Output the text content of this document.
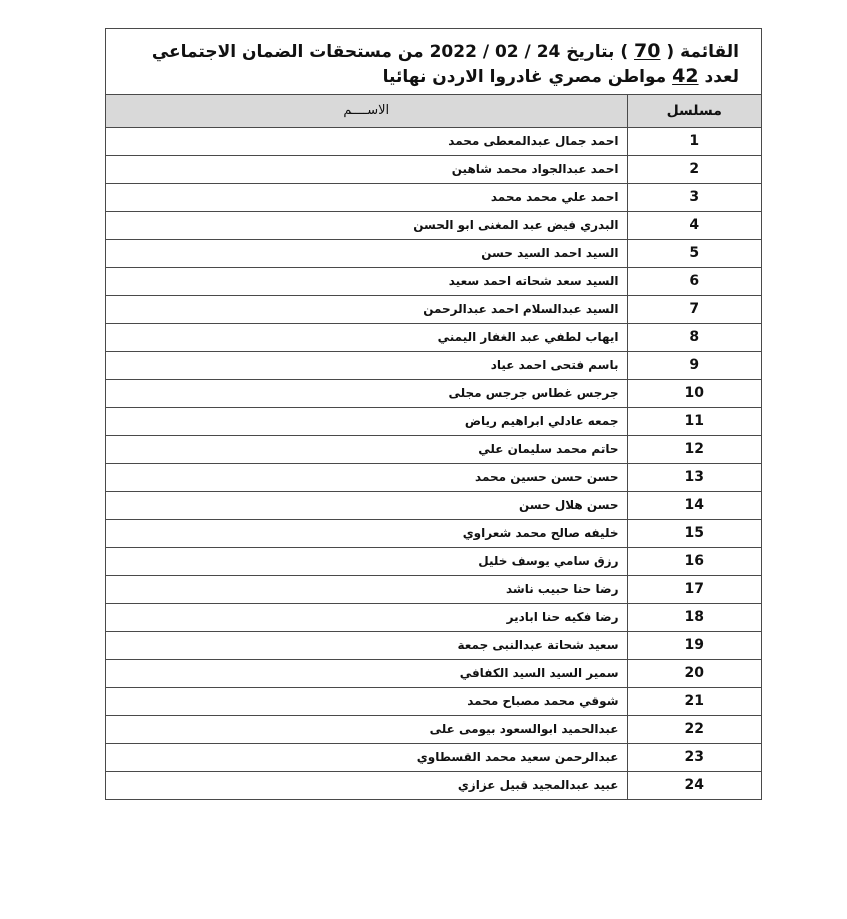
القائمة ( 70 ) بتاريخ 24 / 02 / 2022 من مستحقات الضمان الاجتماعي
لعدد 42 مواطن مصري غادروا الاردن نهائيا
مسلسل	الاســــم
1	احمد جمال عبدالمعطى محمد
2	احمد عبدالجواد محمد شاهين
3	احمد علي محمد محمد
4	البدري فيض عبد المغنى ابو الحسن
5	السيد احمد السيد حسن
6	السيد سعد شحاته احمد سعيد
7	السيد عبدالسلام احمد عبدالرحمن
8	ايهاب لطفي عبد الغفار اليمني
9	باسم فتحى احمد عياد
10	جرجس غطاس جرجس مجلى
11	جمعه عادلي ابراهيم رياض
12	حاتم محمد سليمان علي
13	حسن حسن حسين محمد
14	حسن هلال حسن
15	خليفه صالح محمد شعراوي
16	رزق سامي يوسف خليل
17	رضا حنا حبيب ناشد
18	رضا فكيه حنا ابادير
19	سعيد شحاتة عبدالنبى جمعة
20	سمير السيد السيد الكفافي
21	شوقي محمد مصباح محمد
22	عبدالحميد ابوالسعود بيومى على
23	عبدالرحمن سعيد محمد القسطاوي
24	عبيد عبدالمجيد قبيل عزازي
